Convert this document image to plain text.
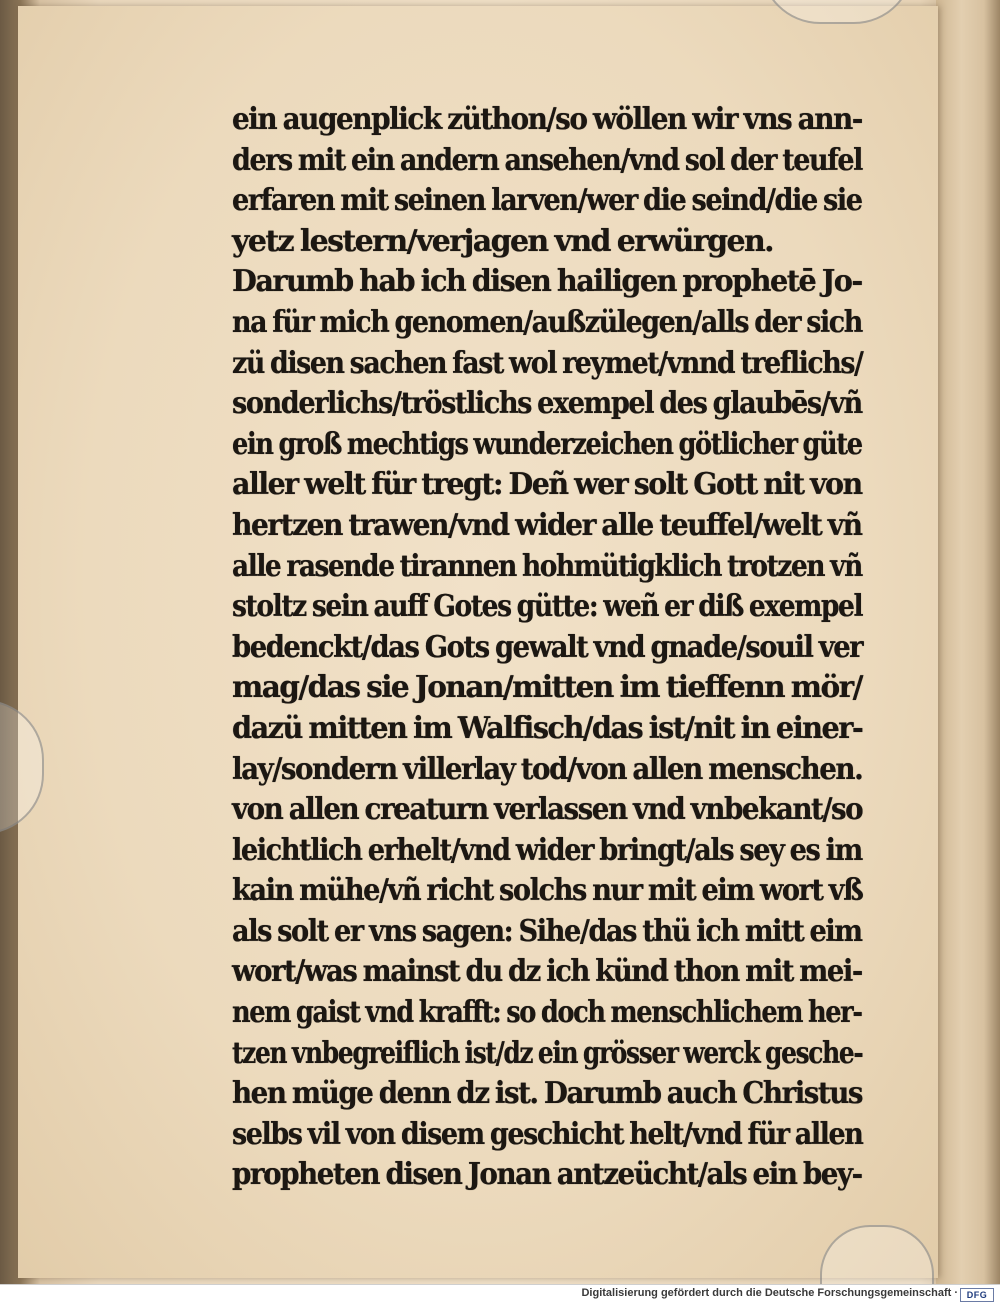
ein augenplick züthon/so wöllen wir vns ann-
ders mit ein andern ansehen/vnd sol der teufel
erfaren mit seinen larven/wer die seind/die sie
yetz lestern/verjagen vnd erwürgen.
Darumb hab ich disen hailigen prophetē Jo-
na für mich genomen/außzülegen/alls der sich
zü disen sachen fast wol reymet/vnnd treflichs/
sonderlichs/tröstlichs exempel des glaubēs/vñ
ein groß mechtigs wunderzeichen götlicher güte
aller welt für tregt: Deñ wer solt Gott nit von
hertzen trawen/vnd wider alle teuffel/welt vñ
alle rasende tirannen hohmütigklich trotzen vñ
stoltz sein auff Gotes gütte: weñ er diß exempel
bedenckt/das Gots gewalt vnd gnade/souil ver
mag/das sie Jonan/mitten im tieffenn mör/
dazü mitten im Walfisch/das ist/nit in einer-
lay/sondern villerlay tod/von allen menschen.
von allen creaturn verlassen vnd vnbekant/so
leichtlich erhelt/vnd wider bringt/als sey es im
kain mühe/vñ richt solchs nur mit eim wort vß
als solt er vns sagen: Sihe/das thü ich mitt eim
wort/was mainst du dz ich künd thon mit mei-
nem gaist vnd krafft: so doch menschlichem her-
tzen vnbegreiflich ist/dz ein grösser werck gesche-
hen müge denn dz ist. Darumb auch Christus
selbs vil von disem geschicht helt/vnd für allen
propheten disen Jonan antzeücht/als ein bey-
Digitalisierung gefördert durch die Deutsche Forschungsgemeinschaft · DFG
